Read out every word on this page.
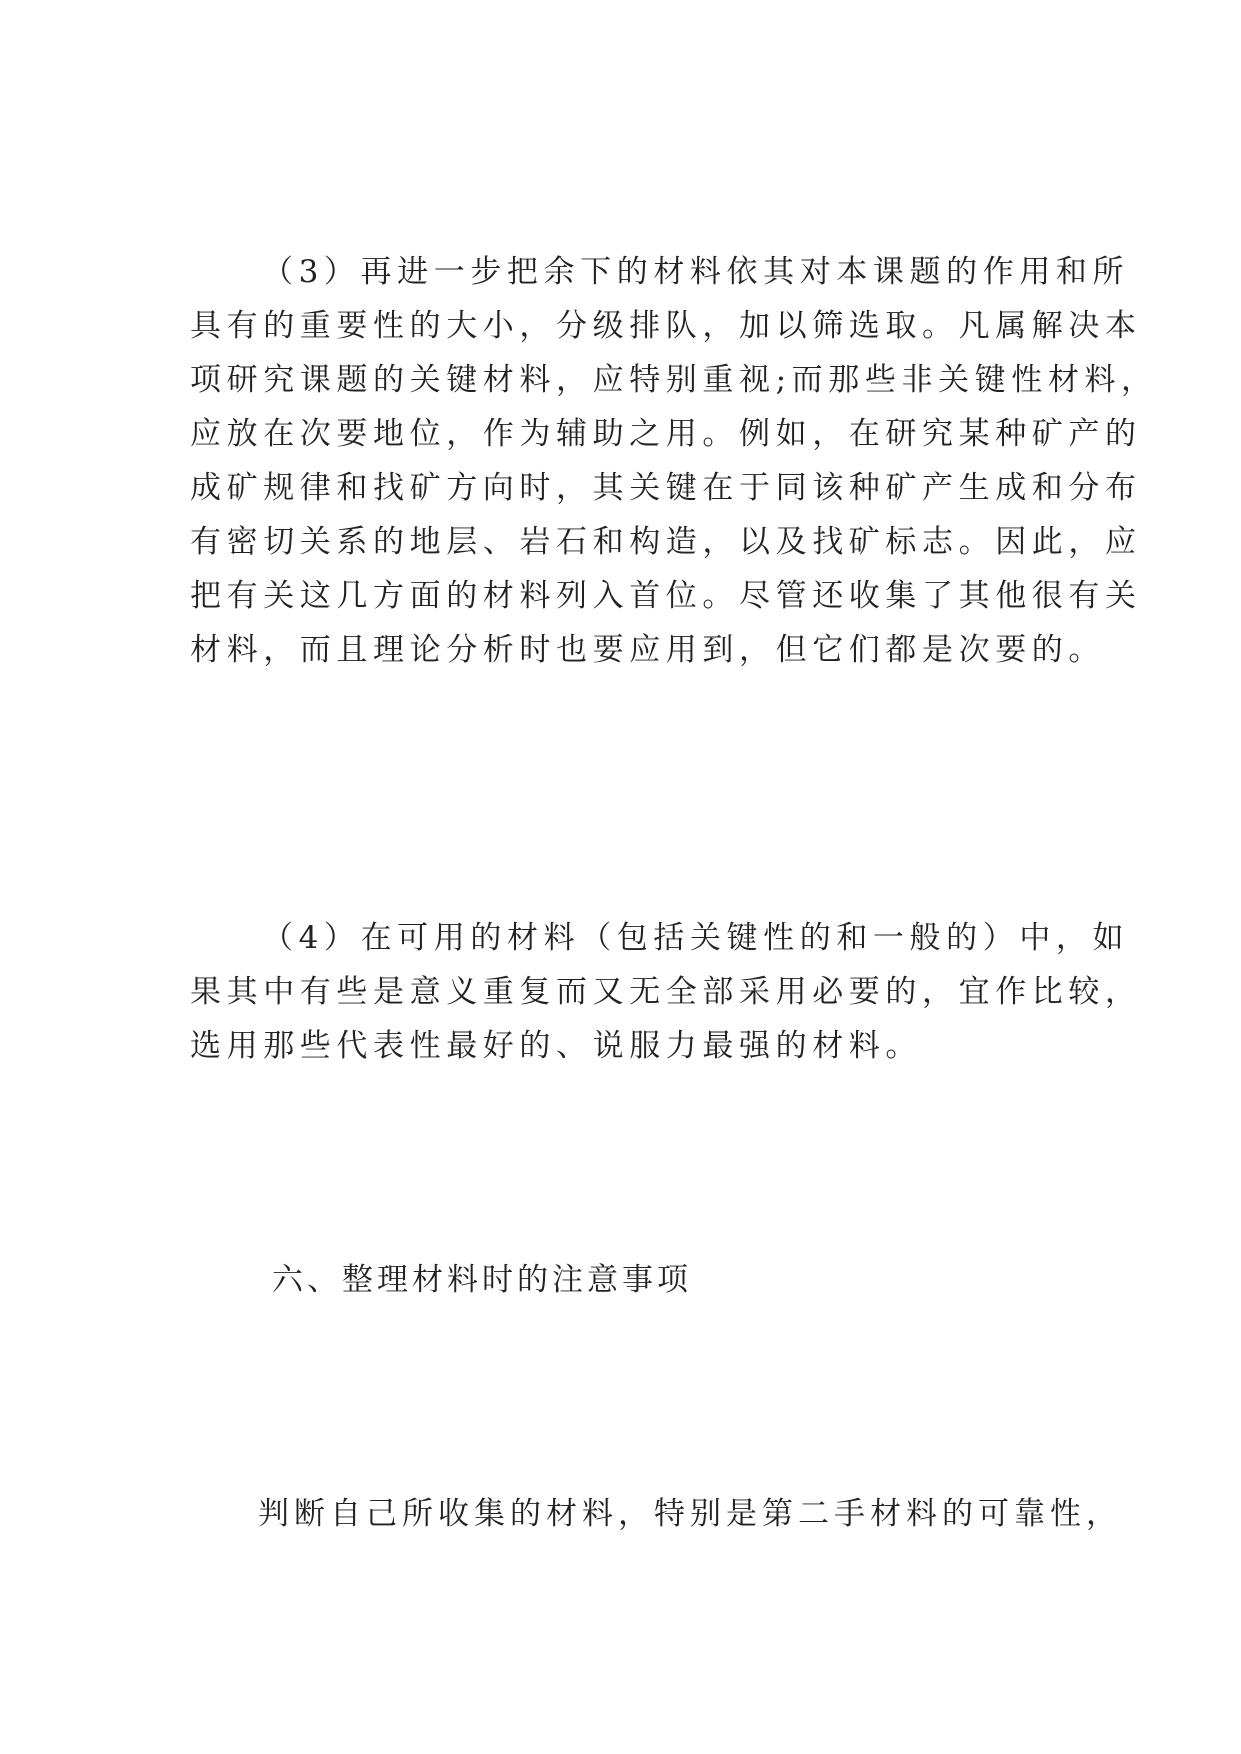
（3）再进一步把余下的材料依其对本课题的作用和所
具有的重要性的大小，分级排队，加以筛选取。凡属解决本
项研究课题的关键材料，应特别重视;而那些非关键性材料，
应放在次要地位，作为辅助之用。例如，在研究某种矿产的
成矿规律和找矿方向时，其关键在于同该种矿产生成和分布
有密切关系的地层、岩石和构造，以及找矿标志。因此，应
把有关这几方面的材料列入首位。尽管还收集了其他很有关
材料，而且理论分析时也要应用到，但它们都是次要的。
（4）在可用的材料（包括关键性的和一般的）中，如
果其中有些是意义重复而又无全部采用必要的，宜作比较，
选用那些代表性最好的、说服力最强的材料。
六、整理材料时的注意事项
判断自己所收集的材料，特别是第二手材料的可靠性，
